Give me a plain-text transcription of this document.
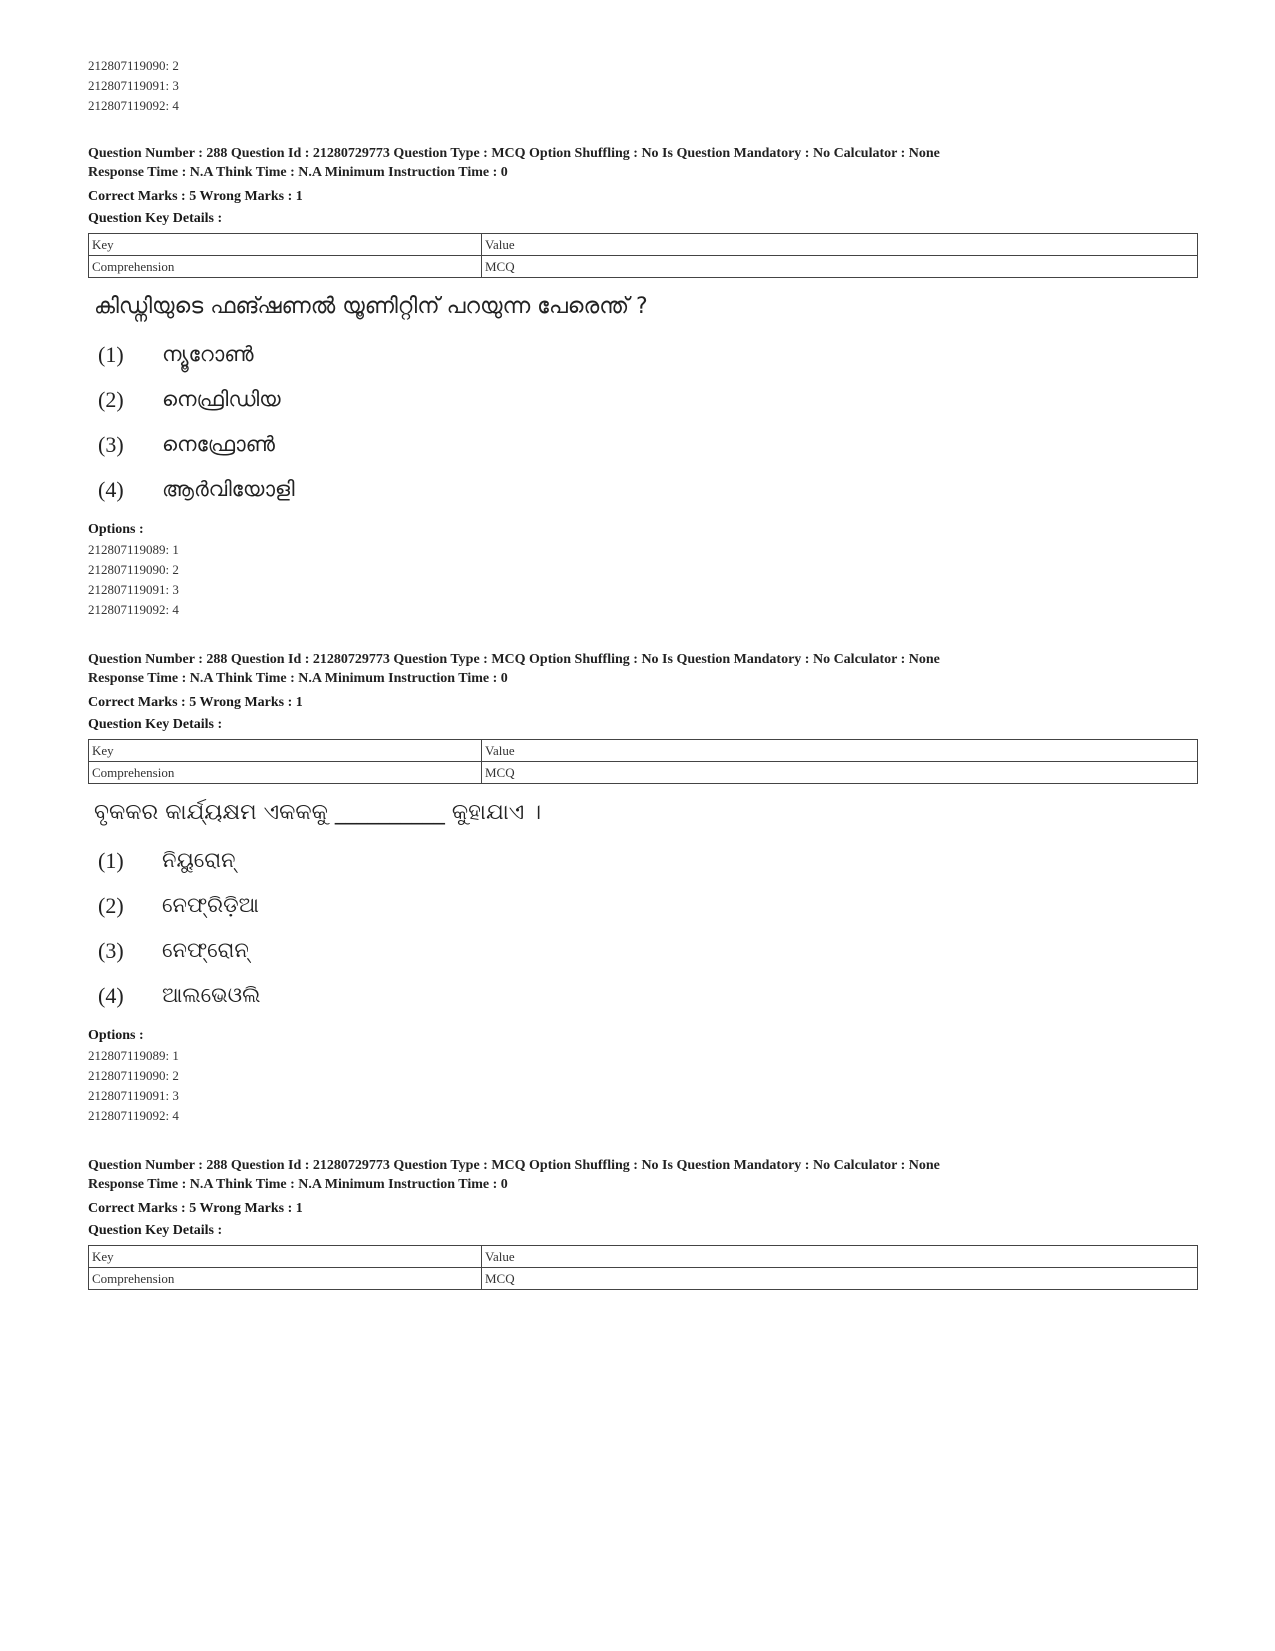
212807119090: 2
212807119091: 3
212807119092: 4
Question Number : 288 Question Id : 21280729773 Question Type : MCQ Option Shuffling : No Is Question Mandatory : No Calculator : None
Response Time : N.A Think Time : N.A Minimum Instruction Time : 0
Correct Marks : 5 Wrong Marks : 1
Question Key Details :
Key	Value
Comprehension	MCQ
കിഡ്നിയുടെ ഫങ്ഷണൽ യൂണിറ്റിന് പറയുന്ന പേരെന്ത് ?
(1)	ന്യൂറോൺ
(2)	നെഫ്രിഡിയ
(3)	നെഫ്രോൺ
(4)	ആർവിയോളി
Options :
212807119089: 1
212807119090: 2
212807119091: 3
212807119092: 4
Question Number : 288 Question Id : 21280729773 Question Type : MCQ Option Shuffling : No Is Question Mandatory : No Calculator : None
Response Time : N.A Think Time : N.A Minimum Instruction Time : 0
Correct Marks : 5 Wrong Marks : 1
Question Key Details :
Key	Value
Comprehension	MCQ
ବୃକକର କାର୍ଯ୍ୟକ୍ଷମ ଏକକକୁ __________ କୁହାଯାଏ ।
(1)	ନିୟୁରୋନ୍
(2)	ନେଫ୍ରିଡ଼ିଆ
(3)	ନେଫ୍ରୋନ୍
(4)	ଆଲଭେଓଲି
Options :
212807119089: 1
212807119090: 2
212807119091: 3
212807119092: 4
Question Number : 288 Question Id : 21280729773 Question Type : MCQ Option Shuffling : No Is Question Mandatory : No Calculator : None
Response Time : N.A Think Time : N.A Minimum Instruction Time : 0
Correct Marks : 5 Wrong Marks : 1
Question Key Details :
Key	Value
Comprehension	MCQ
